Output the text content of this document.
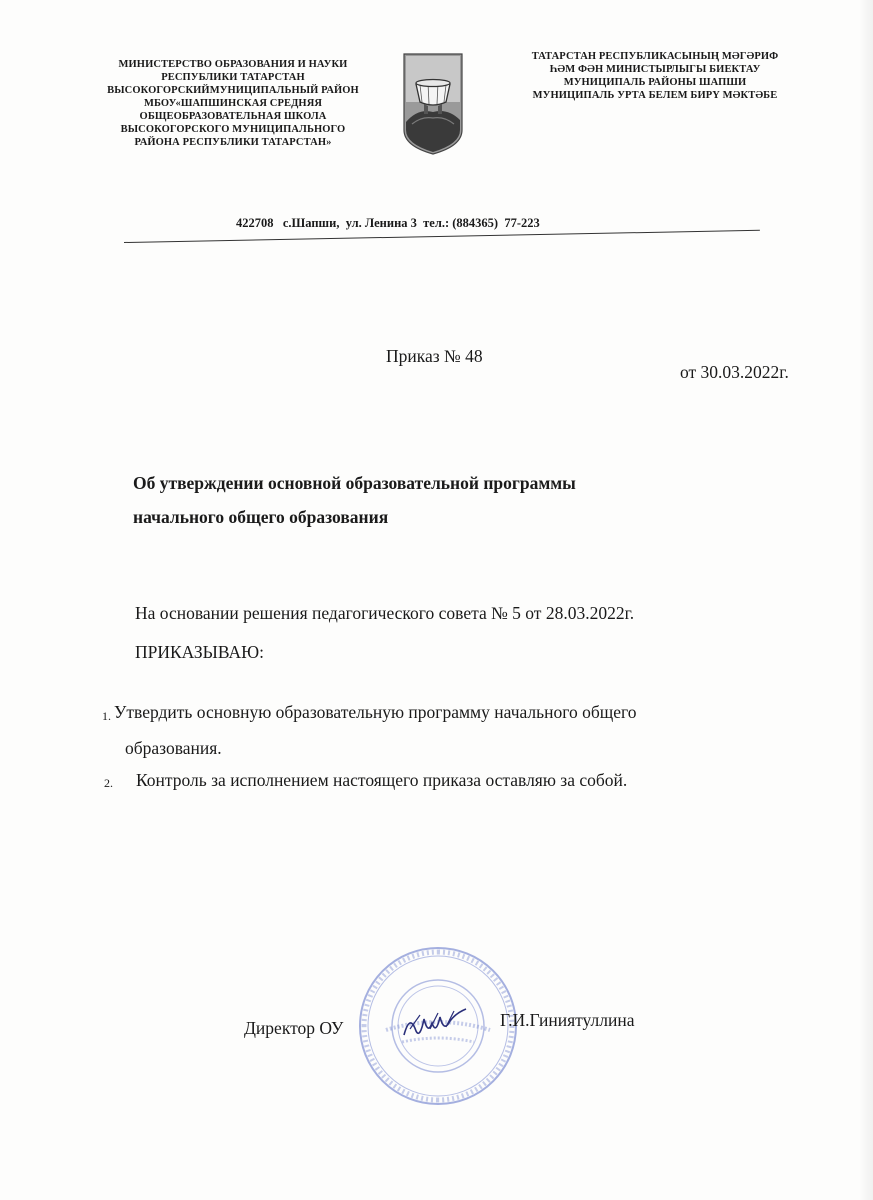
МИНИСТЕРСТВО ОБРАЗОВАНИЯ И НАУКИ
РЕСПУБЛИКИ ТАТАРСТАН
ВЫСОКОГОРСКИЙМУНИЦИПАЛЬНЫЙ РАЙОН
МБОУ«ШАПШИНСКАЯ СРЕДНЯЯ
ОБЩЕОБРАЗОВАТЕЛЬНАЯ ШКОЛА
ВЫСОКОГОРСКОГО МУНИЦИПАЛЬНОГО
РАЙОНА РЕСПУБЛИКИ ТАТАРСТАН»
ТАТАРСТАН РЕСПУБЛИКАСЫНЫҢ МӘГӘРИФ
ҺӘМ ФӘН МИНИСТЫРЛЫГЫ БИЕКТАУ
МУНИЦИПАЛЬ РАЙОНЫ ШАПШИ
МУНИЦИПАЛЬ УРТА БЕЛЕМ БИРҮ МӘКТӘБЕ
422708   с.Шапши,  ул. Ленина 3  тел.: (884365)  77-223
Приказ № 48
от 30.03.2022г.
Об утверждении основной образовательной программы
начального общего образования
На основании решения педагогического совета № 5 от 28.03.2022г.
ПРИКАЗЫВАЮ:
1. Утвердить основную образовательную программу начального общего
образования.
2. Контроль за исполнением настоящего приказа оставляю за собой.
Директор ОУ	Г.И.Гиниятуллина
